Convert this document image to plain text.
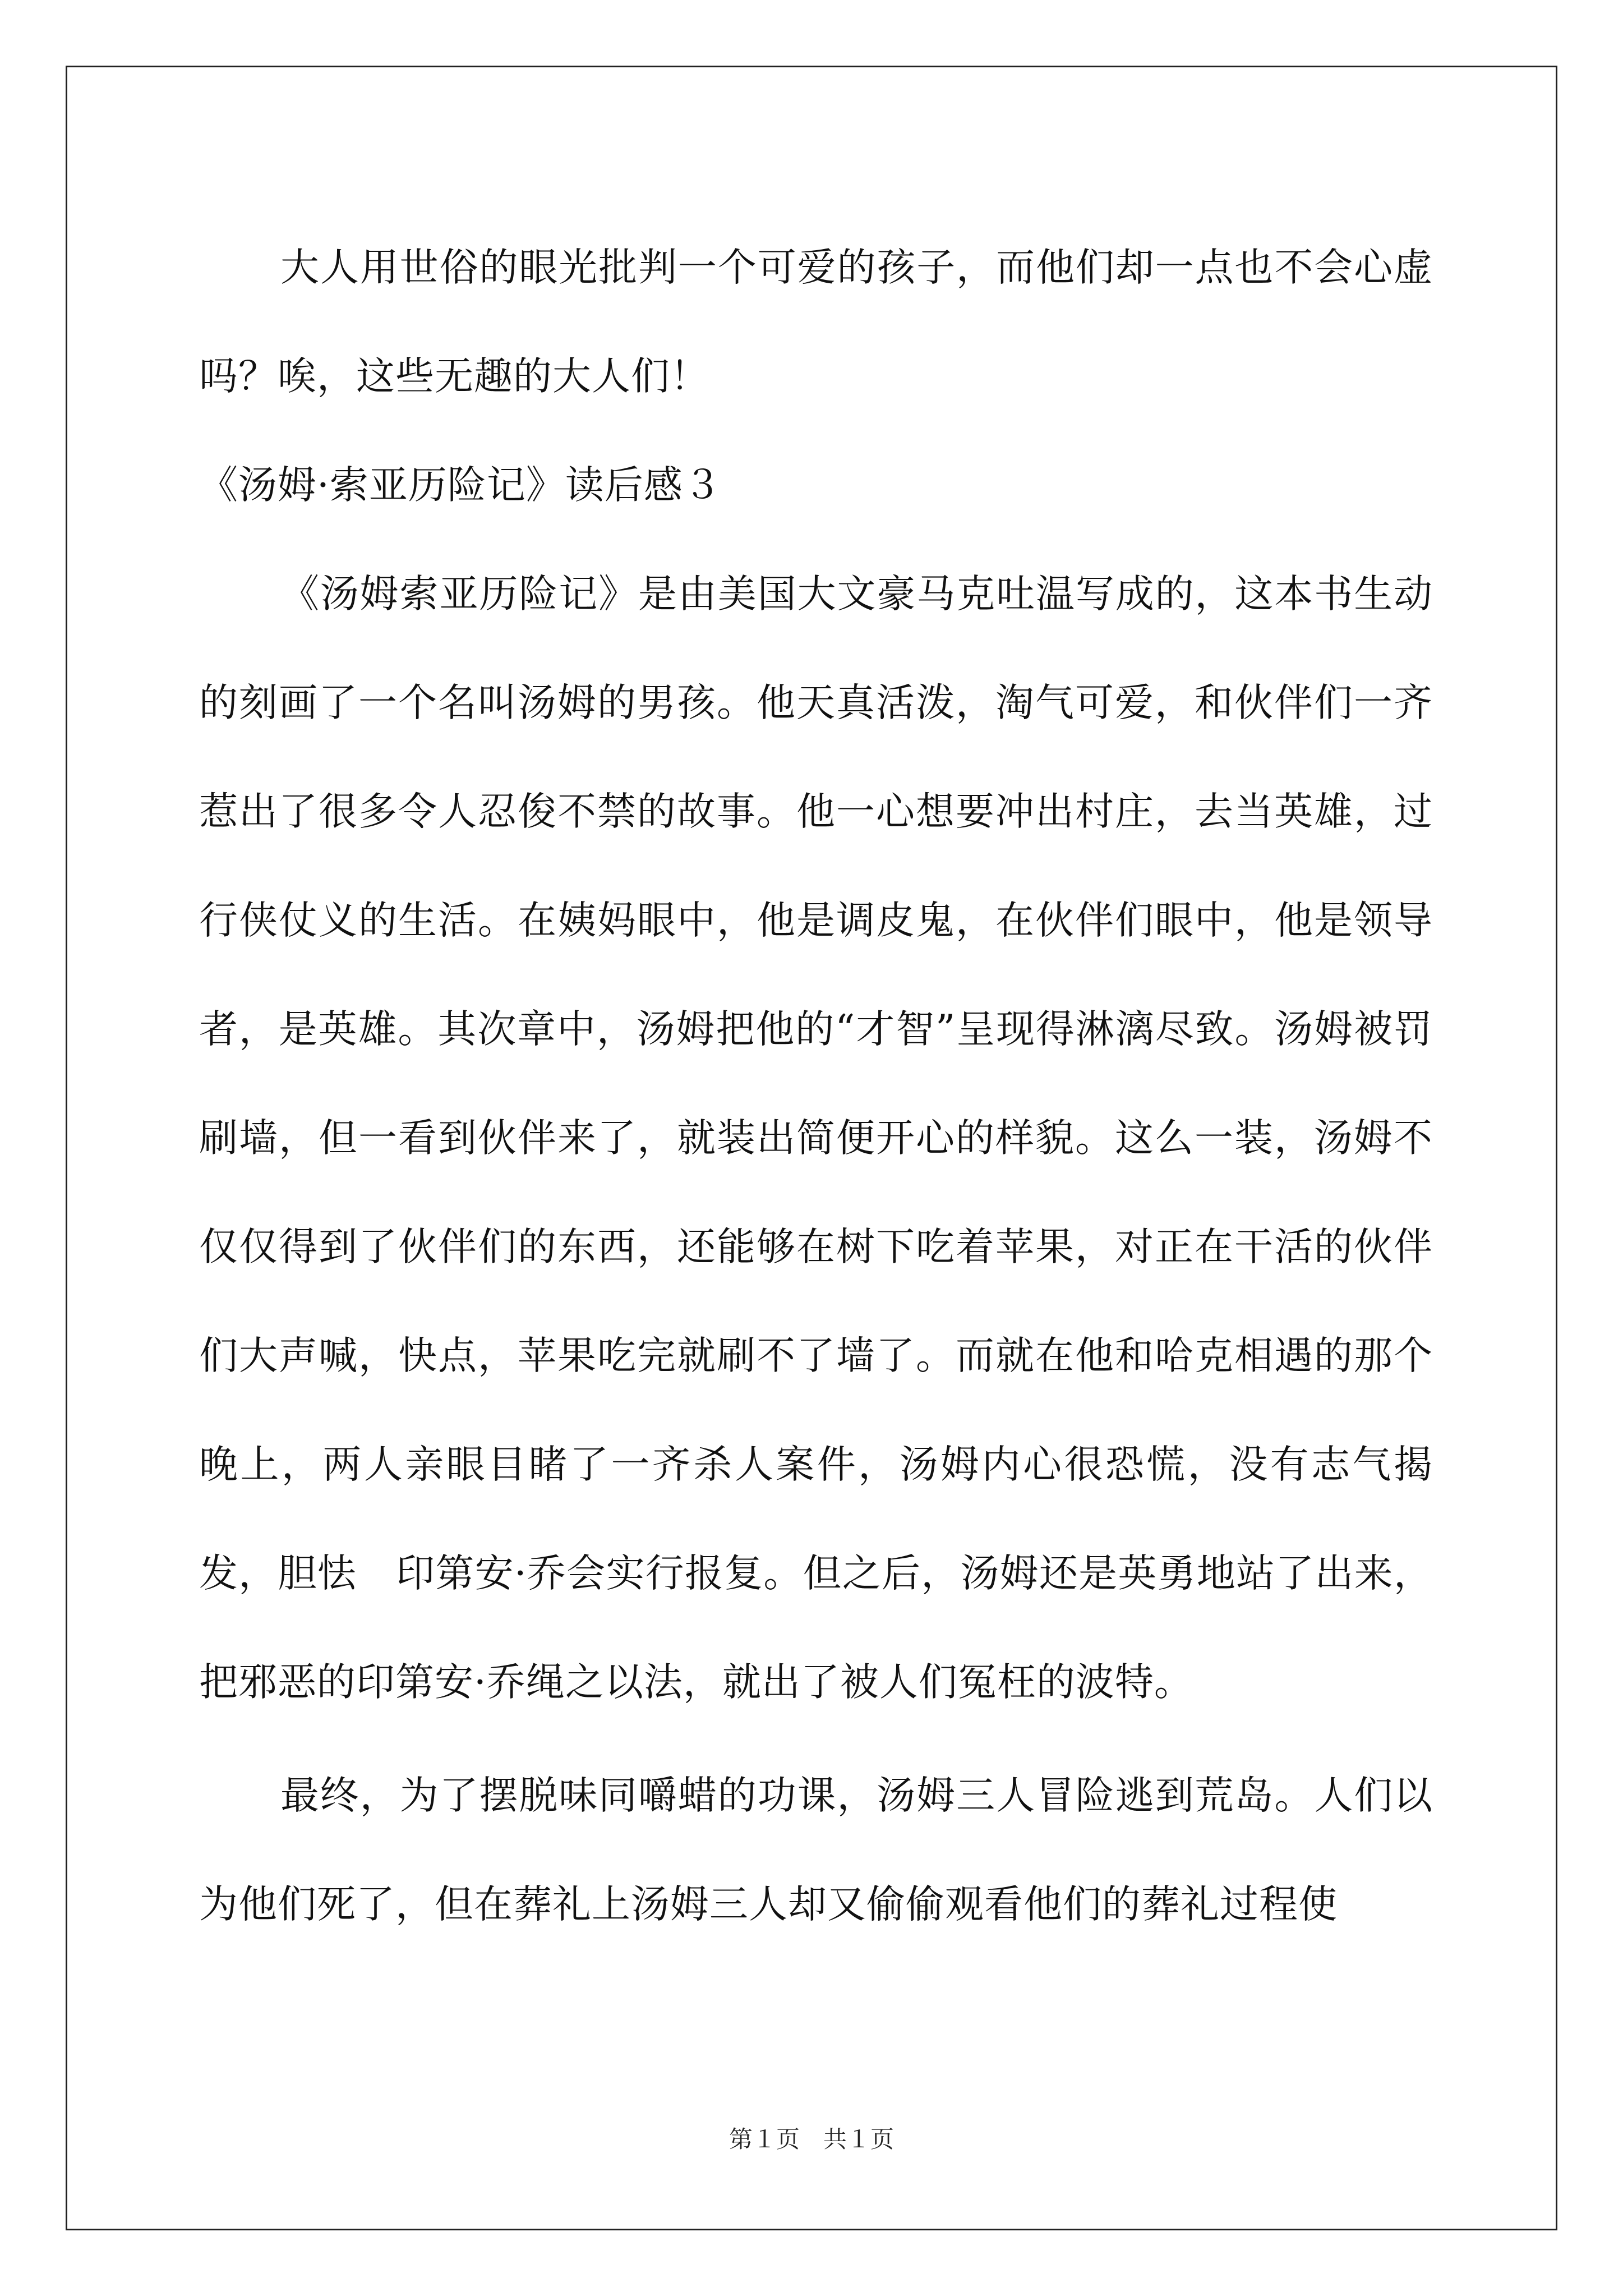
大人用世俗的眼光批判一个可爱的孩子，而他们却一点也不会心虚吗？唉，这些无趣的大人们！

《汤姆·索亚历险记》读后感３

《汤姆索亚历险记》是由美国大文豪马克吐温写成的，这本书生动的刻画了一个名叫汤姆的男孩。他天真活泼，淘气可爱，和伙伴们一齐惹出了很多令人忍俊不禁的故事。他一心想要冲出村庄，去当英雄，过行侠仗义的生活。在姨妈眼中，他是调皮鬼，在伙伴们眼中，他是领导者，是英雄。其次章中，汤姆把他的“才智”呈现得淋漓尽致。汤姆被罚刷墙，但一看到伙伴来了，就装出简便开心的样貌。这么一装，汤姆不仅仅得到了伙伴们的东西，还能够在树下吃着苹果，对正在干活的伙伴们大声喊，快点，苹果吃完就刷不了墙了。而就在他和哈克相遇的那个晚上，两人亲眼目睹了一齐杀人案件，汤姆内心很恐慌，没有志气揭发，胆怯　印第安·乔会实行报复。但之后，汤姆还是英勇地站了出来，把邪恶的印第安·乔绳之以法，就出了被人们冤枉的波特。

最终，为了摆脱味同嚼蜡的功课，汤姆三人冒险逃到荒岛。人们以为他们死了，但在葬礼上汤姆三人却又偷偷观看他们的葬礼过程使

第１页　共１页
